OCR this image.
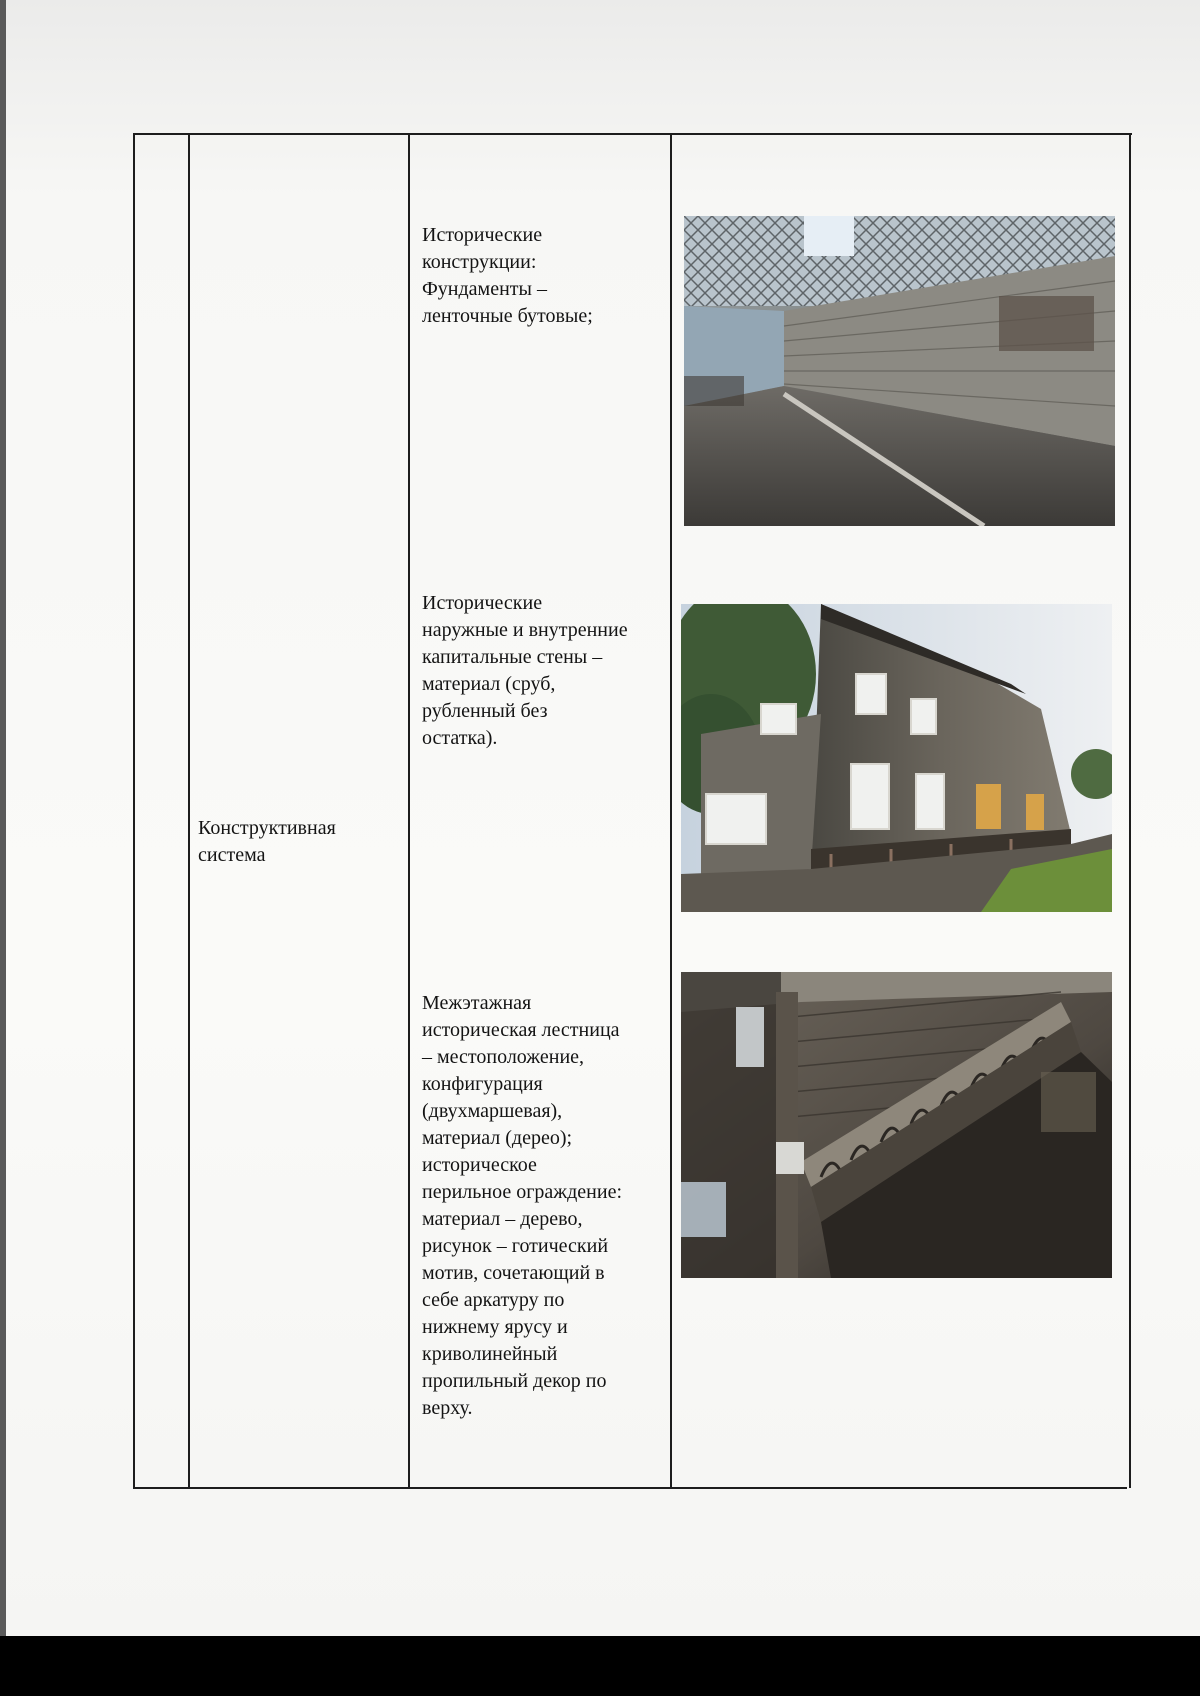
Конструктивная
система
Исторические
конструкции:
Фундаменты –
ленточные бутовые;
Исторические
наружные и внутренние
капитальные стены –
материал (сруб,
рубленный без
остатка).
Межэтажная
историческая лестница
– местоположение,
конфигурация
(двухмаршевая),
материал (дерео);
историческое
перильное ограждение:
материал – дерево,
рисунок – готический
мотив, сочетающий в
себе аркатуру по
нижнему ярусу и
криволинейный
пропильный декор по
верху.
